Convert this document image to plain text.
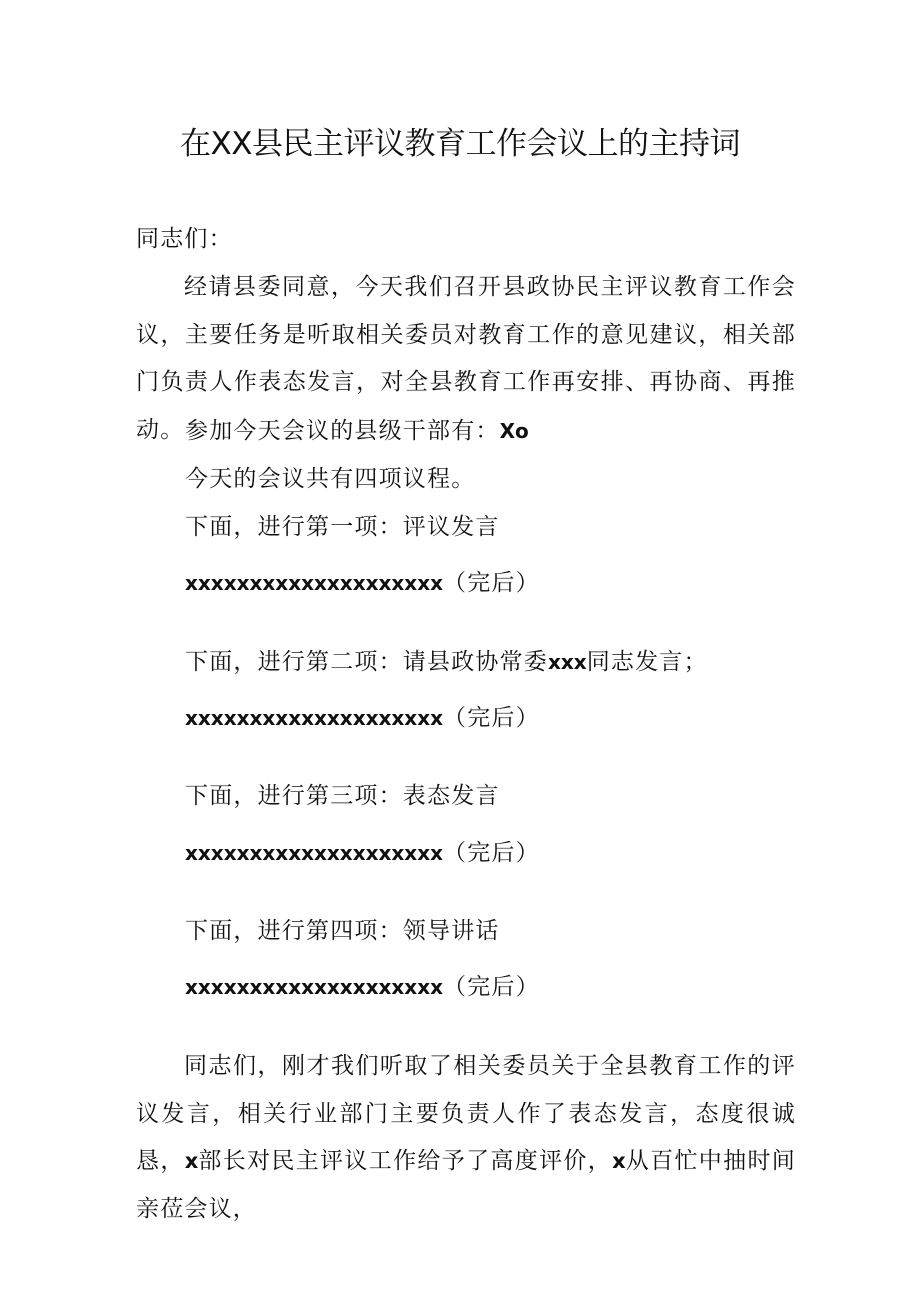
在XX县民主评议教育工作会议上的主持词
同志们：
经请县委同意，今天我们召开县政协民主评议教育工作会议，主要任务是听取相关委员对教育工作的意见建议，相关部门负责人作表态发言，对全县教育工作再安排、再协商、再推动。 参加今天会议的县级干部有：Xo
今天的会议共有四项议程。
下面，进行第一项：评议发言
xxxxxxxxxxxxxxxxxxxx（完后）
下面，进行第二项：请县政协常委xxx同志发言；
xxxxxxxxxxxxxxxxxxxx（完后）
下面，进行第三项：表态发言
xxxxxxxxxxxxxxxxxxxx（完后）
下面，进行第四项：领导讲话
xxxxxxxxxxxxxxxxxxxx（完后）
同志们，刚才我们听取了相关委员关于全县教育工作的评议发言，相关行业部门主要负责人作了表态发言，态度很诚恳，x部长对民主评议工作给予了高度评价，x从百忙中抽时间亲莅会议，
